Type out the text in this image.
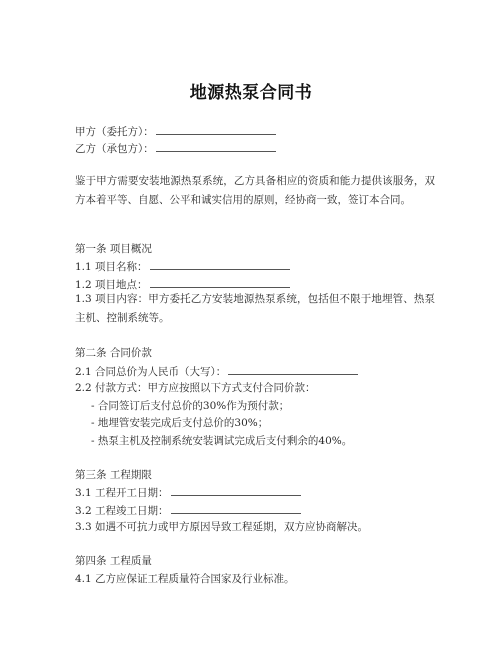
地源热泵合同书
甲方（委托方）：
乙方（承包方）：
鉴于甲方需要安装地源热泵系统，乙方具备相应的资质和能力提供该服务，双方本着平等、自愿、公平和诚实信用的原则，经协商一致，签订本合同。
第一条 项目概况
1.1 项目名称：
1.2 项目地点：
1.3 项目内容：甲方委托乙方安装地源热泵系统，包括但不限于地埋管、热泵主机、控制系统等。
第二条 合同价款
2.1 合同总价为人民币（大写）：
2.2 付款方式：甲方应按照以下方式支付合同价款：
- 合同签订后支付总价的30%作为预付款；
- 地埋管安装完成后支付总价的30%；
- 热泵主机及控制系统安装调试完成后支付剩余的40%。
第三条 工程期限
3.1 工程开工日期：
3.2 工程竣工日期：
3.3 如遇不可抗力或甲方原因导致工程延期，双方应协商解决。
第四条 工程质量
4.1 乙方应保证工程质量符合国家及行业标准。
